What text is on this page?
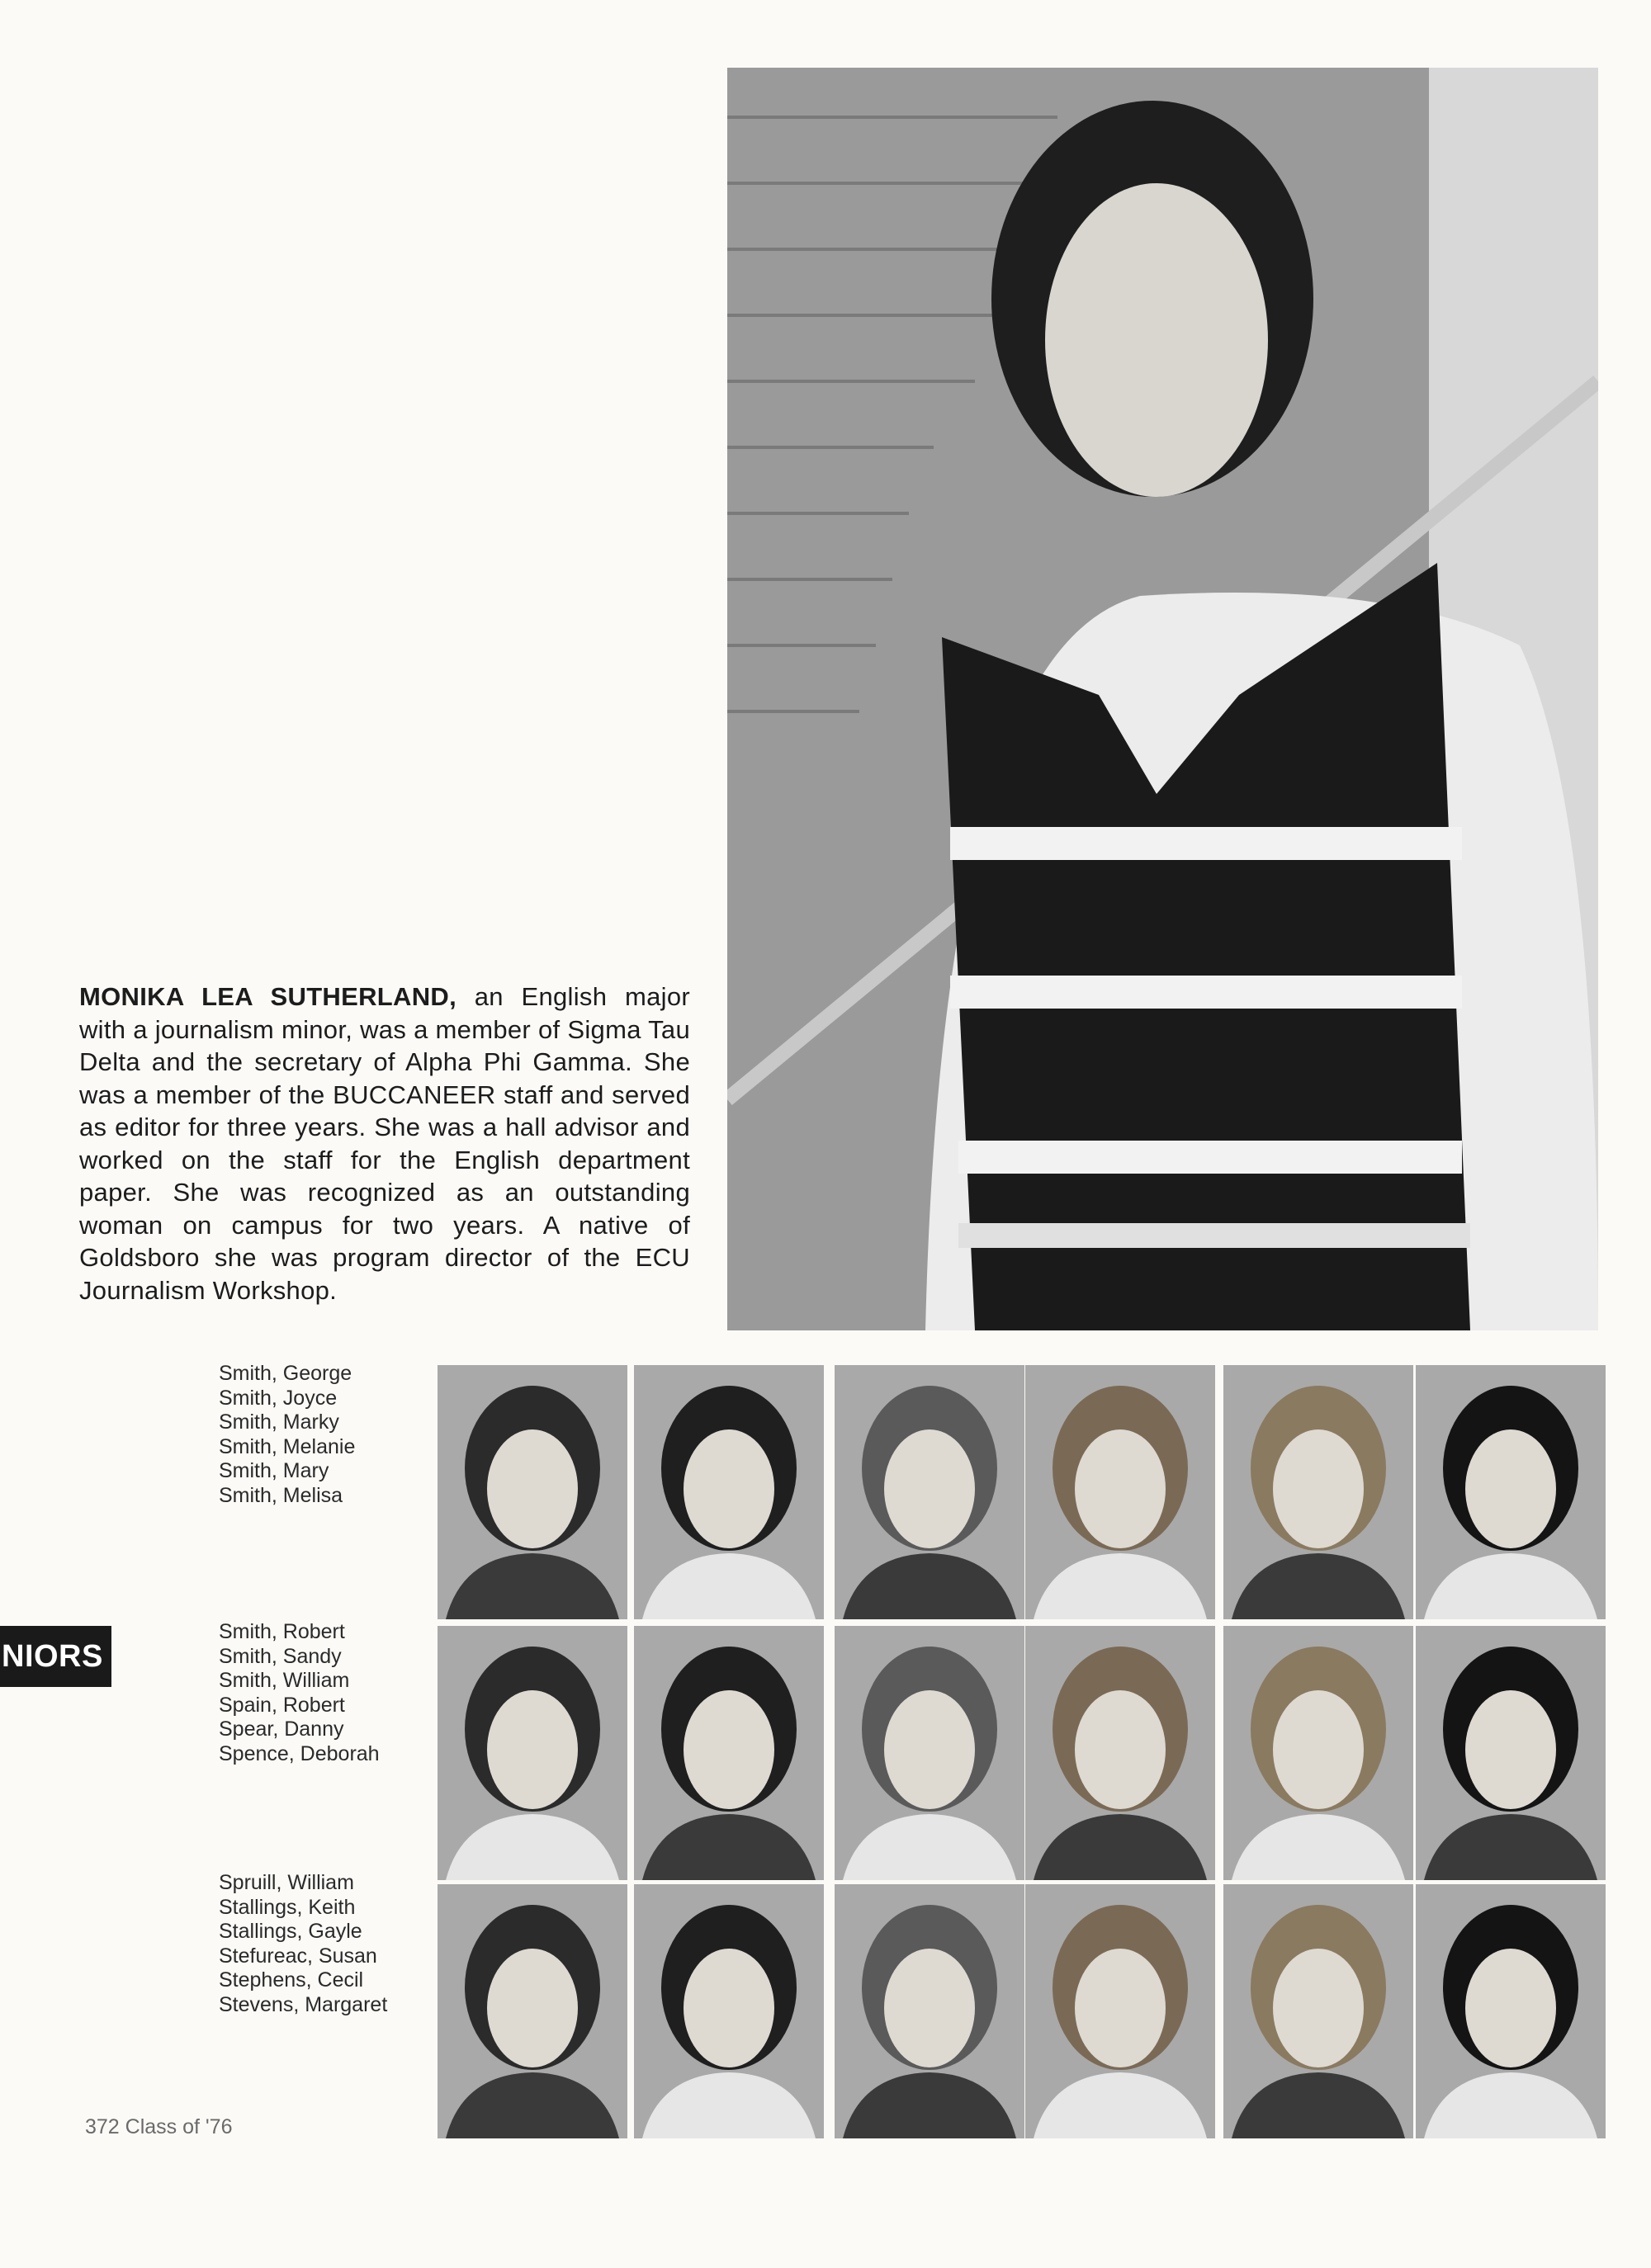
MONIKA LEA SUTHERLAND, an English major with a journalism minor, was a member of Sigma Tau Delta and the secretary of Alpha Phi Gamma. She was a member of the BUCCANEER staff and served as editor for three years. She was a hall advisor and worked on the staff for the English department paper. She was recognized as an outstanding woman on campus for two years. A native of Goldsboro she was program director of the ECU Journalism Workshop.
Smith, George
Smith, Joyce
Smith, Marky
Smith, Melanie
Smith, Mary
Smith, Melisa
Smith, Robert
Smith, Sandy
Smith, William
Spain, Robert
Spear, Danny
Spence, Deborah
Spruill, William
Stallings, Keith
Stallings, Gayle
Stefureac, Susan
Stephens, Cecil
Stevens, Margaret
NIORS
372 Class of '76
